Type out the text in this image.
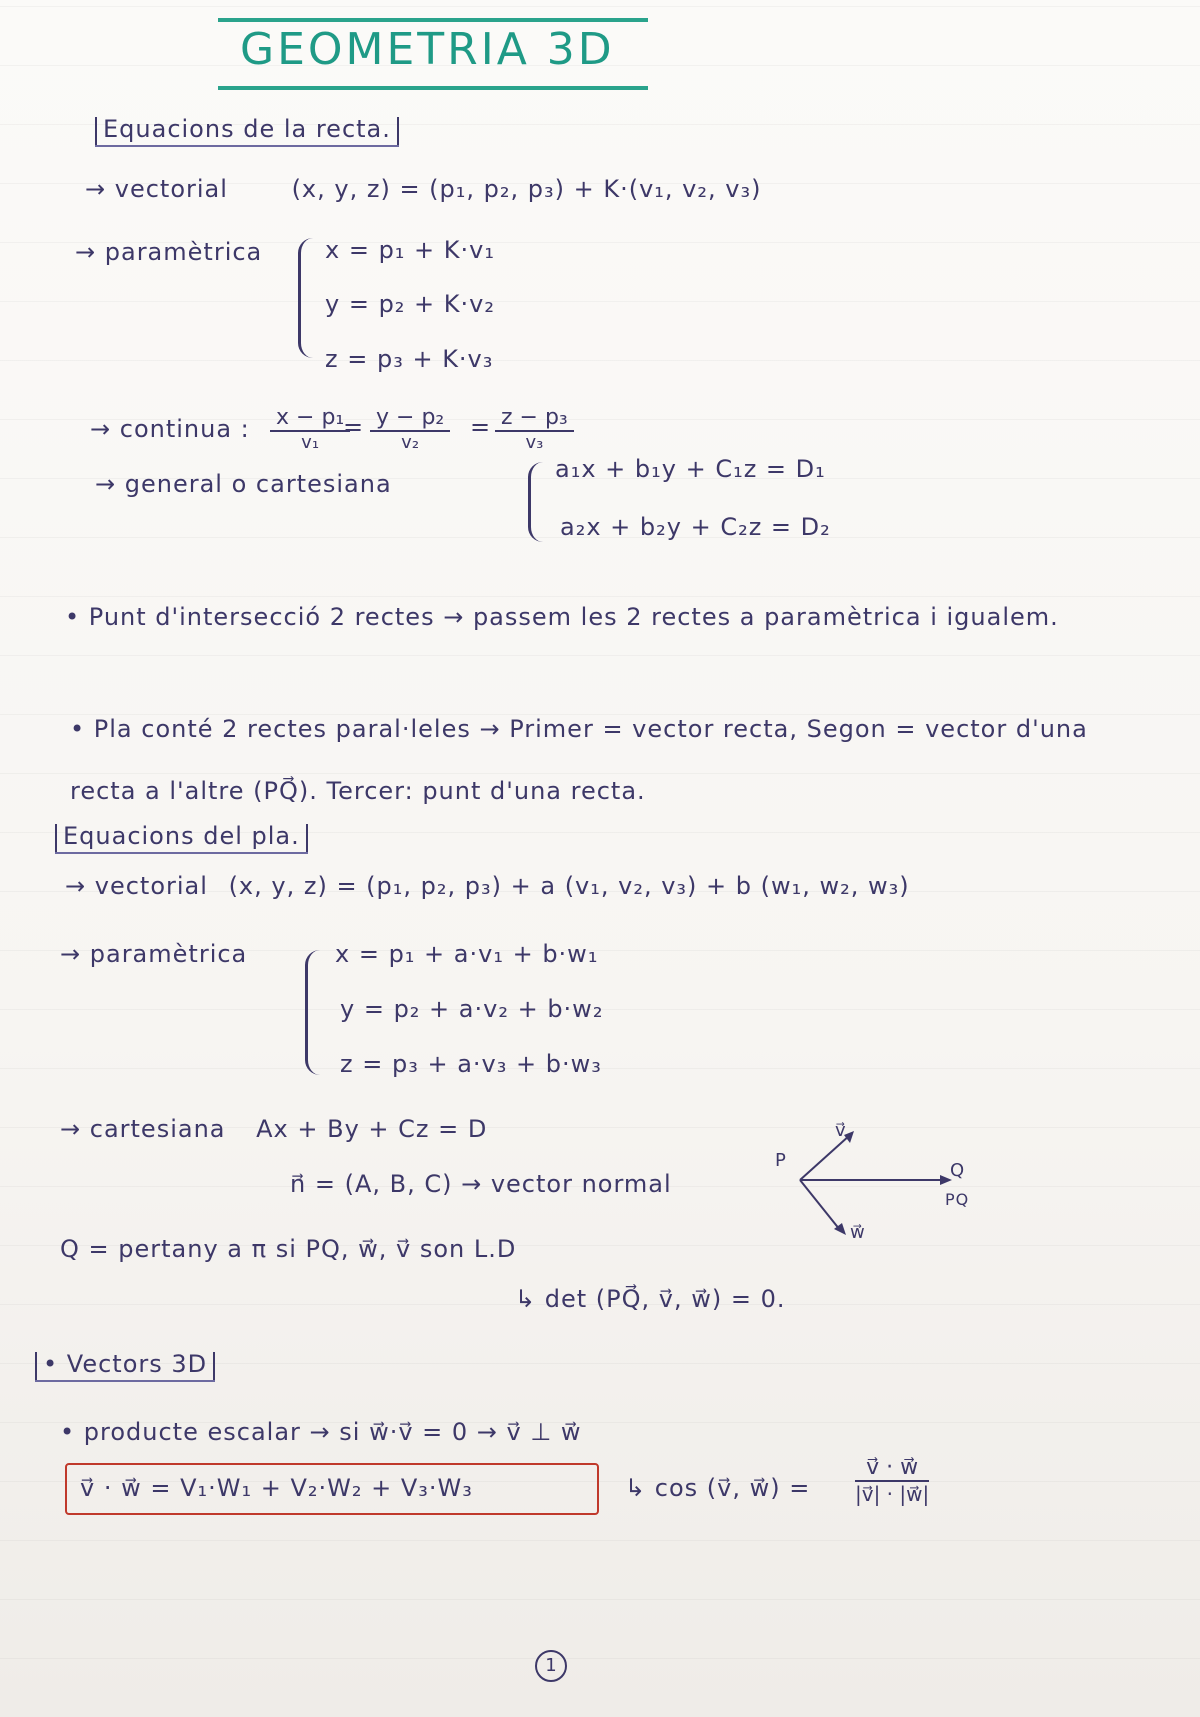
GEOMETRIA 3D
Equacions de la recta.
→ vectorial	(x, y, z) = (p₁, p₂, p₃) + K·(v₁, v₂, v₃)
→ paramètrica	x = p₁ + K·v₁
y = p₂ + K·v₂
z = p₃ + K·v₃
→ continua : x − p₁
v₁
= y − p₂
v₂
= z − p₃
v₃
→ general o cartesiana
a₁x + b₁y + C₁z = D₁
a₂x + b₂y + C₂z = D₂
• Punt d'intersecció 2 rectes → passem les 2 rectes a paramètrica i igualem.
• Pla conté 2 rectes paral·leles → Primer = vector recta, Segon = vector d'una recta a l'altre (PQ⃗). Tercer: punt d'una recta.
Equacions del pla.
→ vectorial (x, y, z) = (p₁, p₂, p₃) + a (v₁, v₂, v₃) + b (w₁, w₂, w₃)
→ paramètrica	x = p₁ + a·v₁ + b·w₁
y = p₂ + a·v₂ + b·w₂
z = p₃ + a·v₃ + b·w₃
→ cartesiana Ax + By + Cz = D
n⃗ = (A, B, C) → vector normal
P
v⃗
Q
PQ
w⃗
Q = pertany a π si PQ, w⃗, v⃗ son L.D
↳ det (PQ⃗, v⃗, w⃗) = 0.
• Vectors 3D
• producte escalar → si w⃗·v⃗ = 0 → v⃗ ⊥ w⃗
v⃗ · w⃗ = V₁·W₁ + V₂·W₂ + V₃·W₃	↳ cos (v⃗, w⃗) = $\frac{v⃗ \cdot w⃗}{|v⃗| \cdot |w⃗|}$
1
